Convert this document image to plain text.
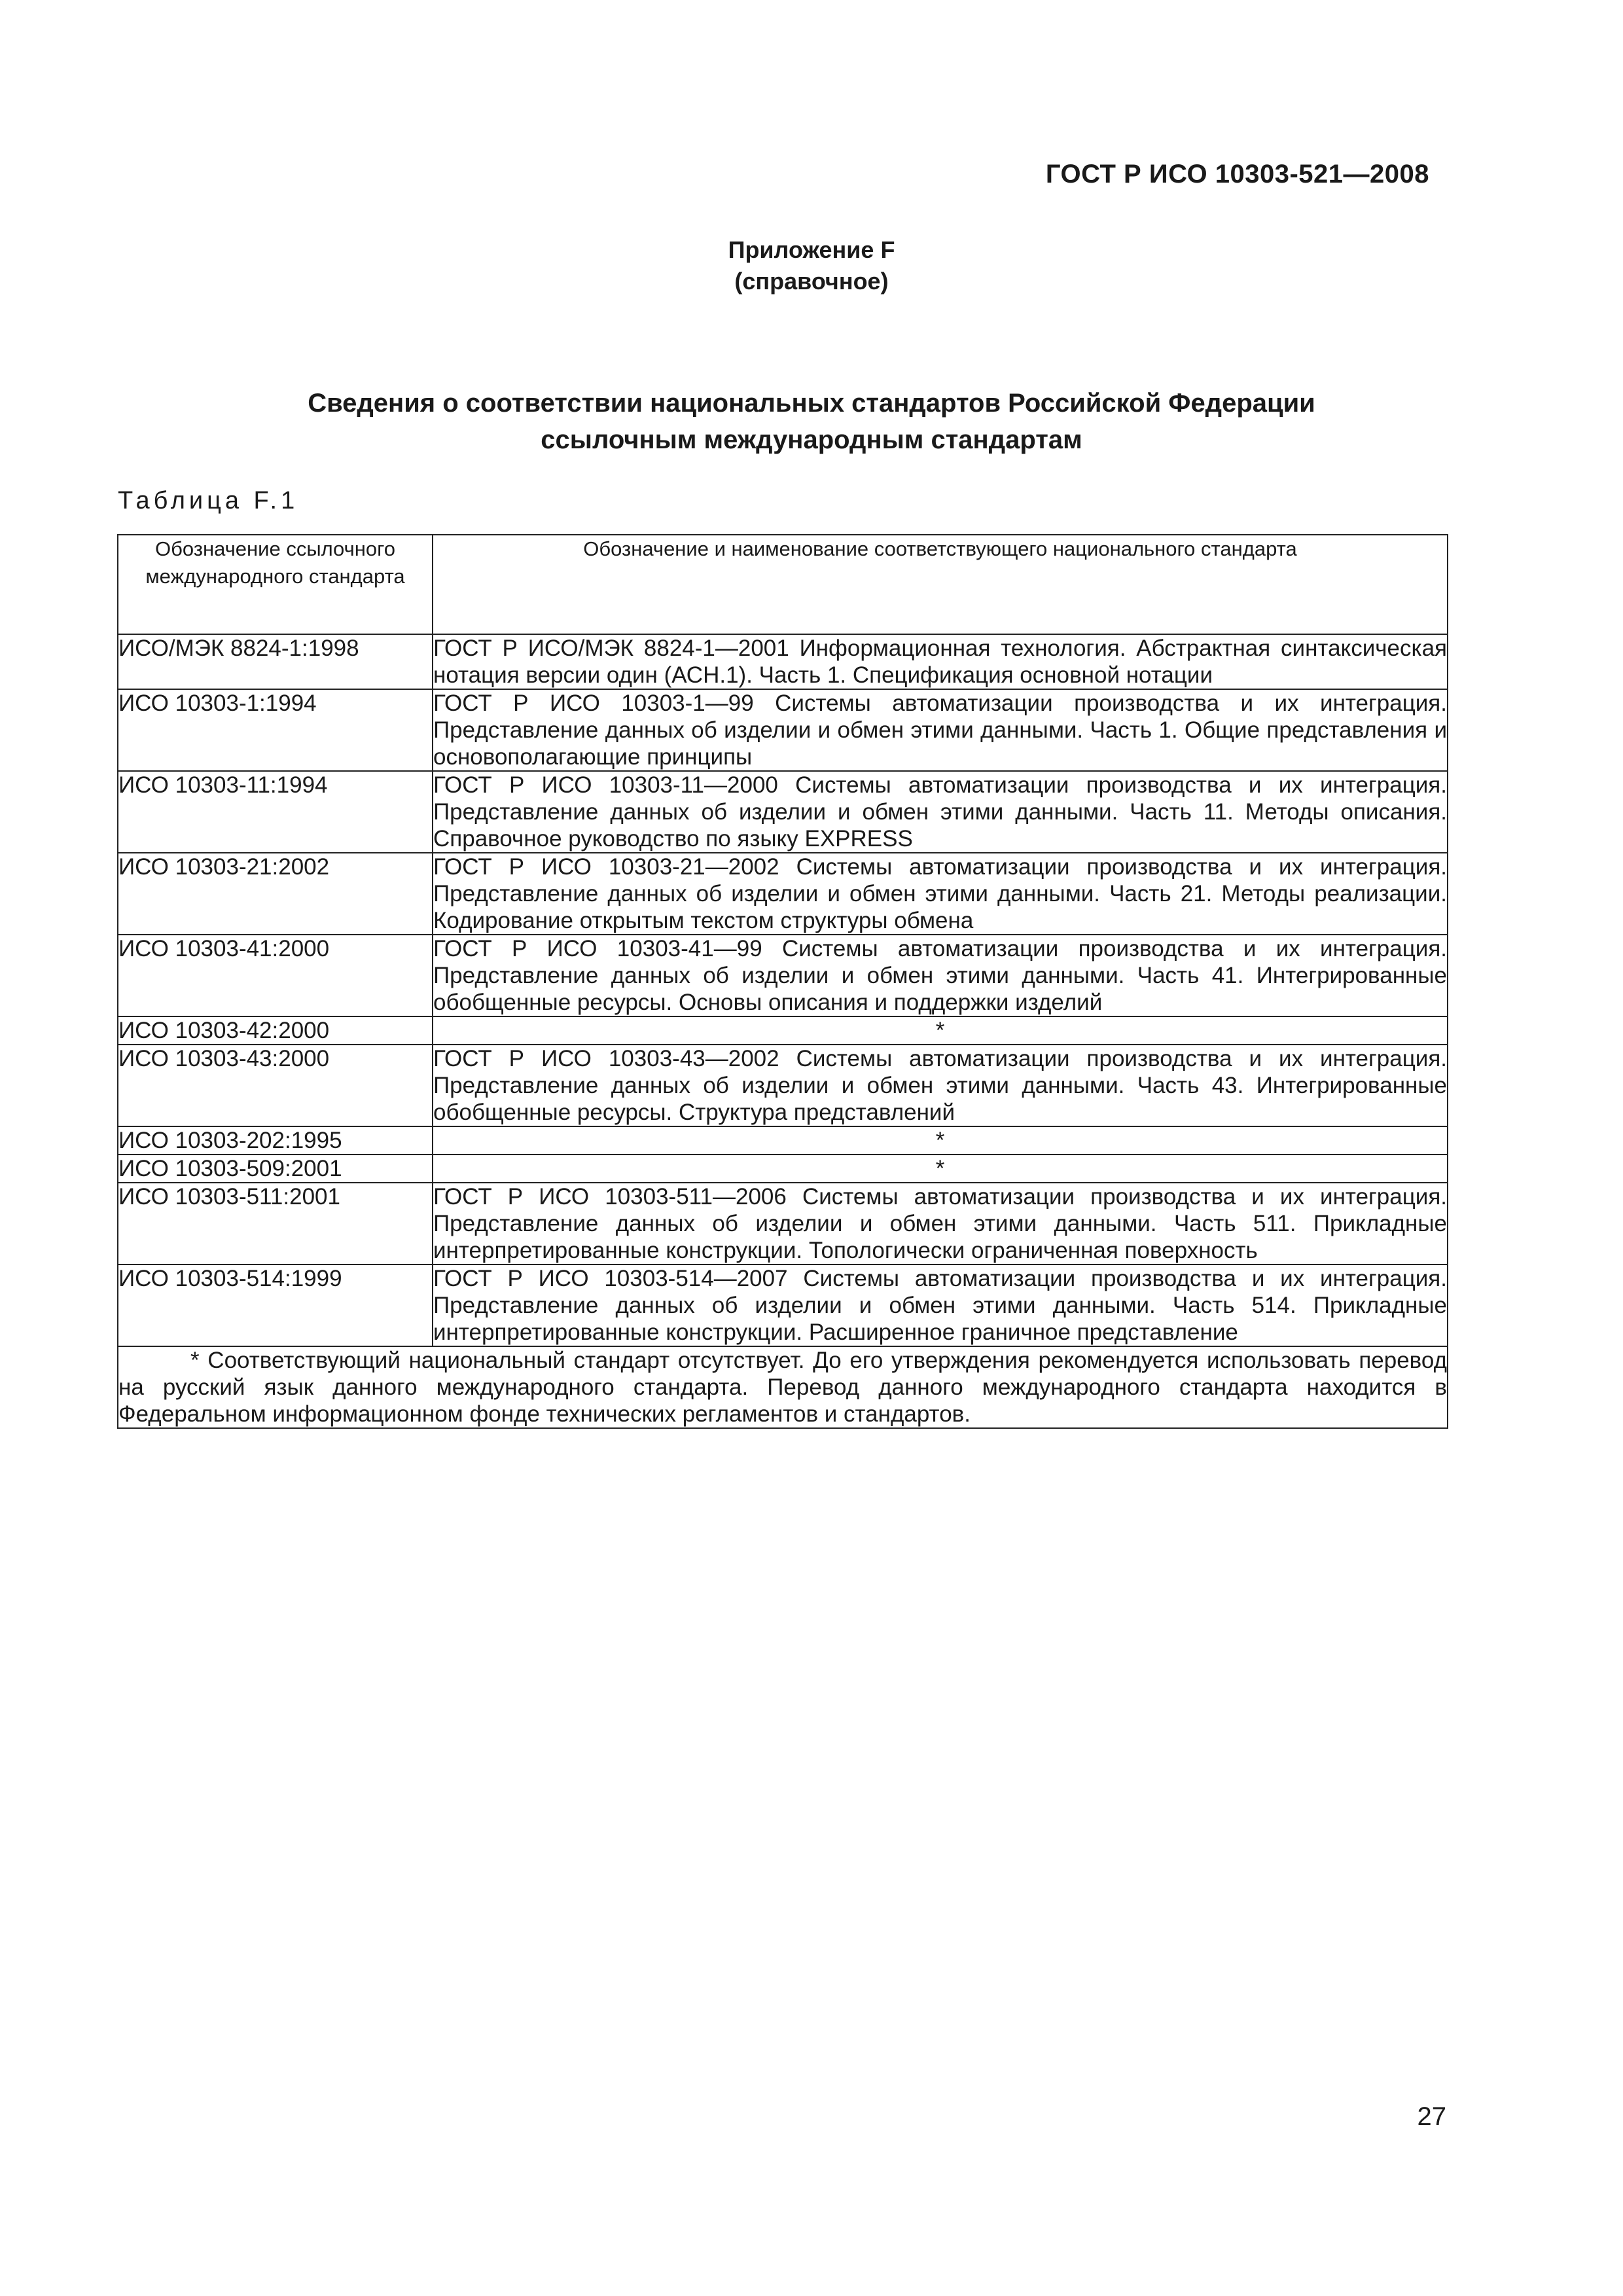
ГОСТ Р ИСО 10303-521—2008
Приложение F
(справочное)
Сведения о соответствии национальных стандартов Российской Федерации
ссылочным международным стандартам
Таблица F.1
Обозначение ссылочного международного стандарта	Обозначение и наименование соответствующего национального стандарта
ИСО/МЭК 8824-1:1998	ГОСТ Р ИСО/МЭК 8824-1—2001 Информационная технология. Абстрактная синтаксическая нотация версии один (АСН.1). Часть 1. Спецификация основной нотации
ИСО 10303-1:1994	ГОСТ Р ИСО 10303-1—99 Системы автоматизации производства и их интеграция. Представление данных об изделии и обмен этими данными. Часть 1. Общие представления и основополагающие принципы
ИСО 10303-11:1994	ГОСТ Р ИСО 10303-11—2000 Системы автоматизации производства и их интеграция. Представление данных об изделии и обмен этими данными. Часть 11. Методы описания. Справочное руководство по языку EXPRESS
ИСО 10303-21:2002	ГОСТ Р ИСО 10303-21—2002 Системы автоматизации производства и их интеграция. Представление данных об изделии и обмен этими данными. Часть 21. Методы реализации. Кодирование открытым текстом структуры обмена
ИСО 10303-41:2000	ГОСТ Р ИСО 10303-41—99 Системы автоматизации производства и их интеграция. Представление данных об изделии и обмен этими данными. Часть 41. Интегрированные обобщенные ресурсы. Основы описания и поддержки изделий
ИСО 10303-42:2000	*
ИСО 10303-43:2000	ГОСТ Р ИСО 10303-43—2002 Системы автоматизации производства и их интеграция. Представление данных об изделии и обмен этими данными. Часть 43. Интегрированные обобщенные ресурсы. Структура представлений
ИСО 10303-202:1995	*
ИСО 10303-509:2001	*
ИСО 10303-511:2001	ГОСТ Р ИСО 10303-511—2006 Системы автоматизации производства и их интеграция. Представление данных об изделии и обмен этими данными. Часть 511. Прикладные интерпретированные конструкции. Топологически ограниченная поверхность
ИСО 10303-514:1999	ГОСТ Р ИСО 10303-514—2007 Системы автоматизации производства и их интеграция. Представление данных об изделии и обмен этими данными. Часть 514. Прикладные интерпретированные конструкции. Расширенное граничное представление
* Соответствующий национальный стандарт отсутствует. До его утверждения рекомендуется использовать перевод на русский язык данного международного стандарта. Перевод данного международного стандарта находится в Федеральном информационном фонде технических регламентов и стандартов.	
27
